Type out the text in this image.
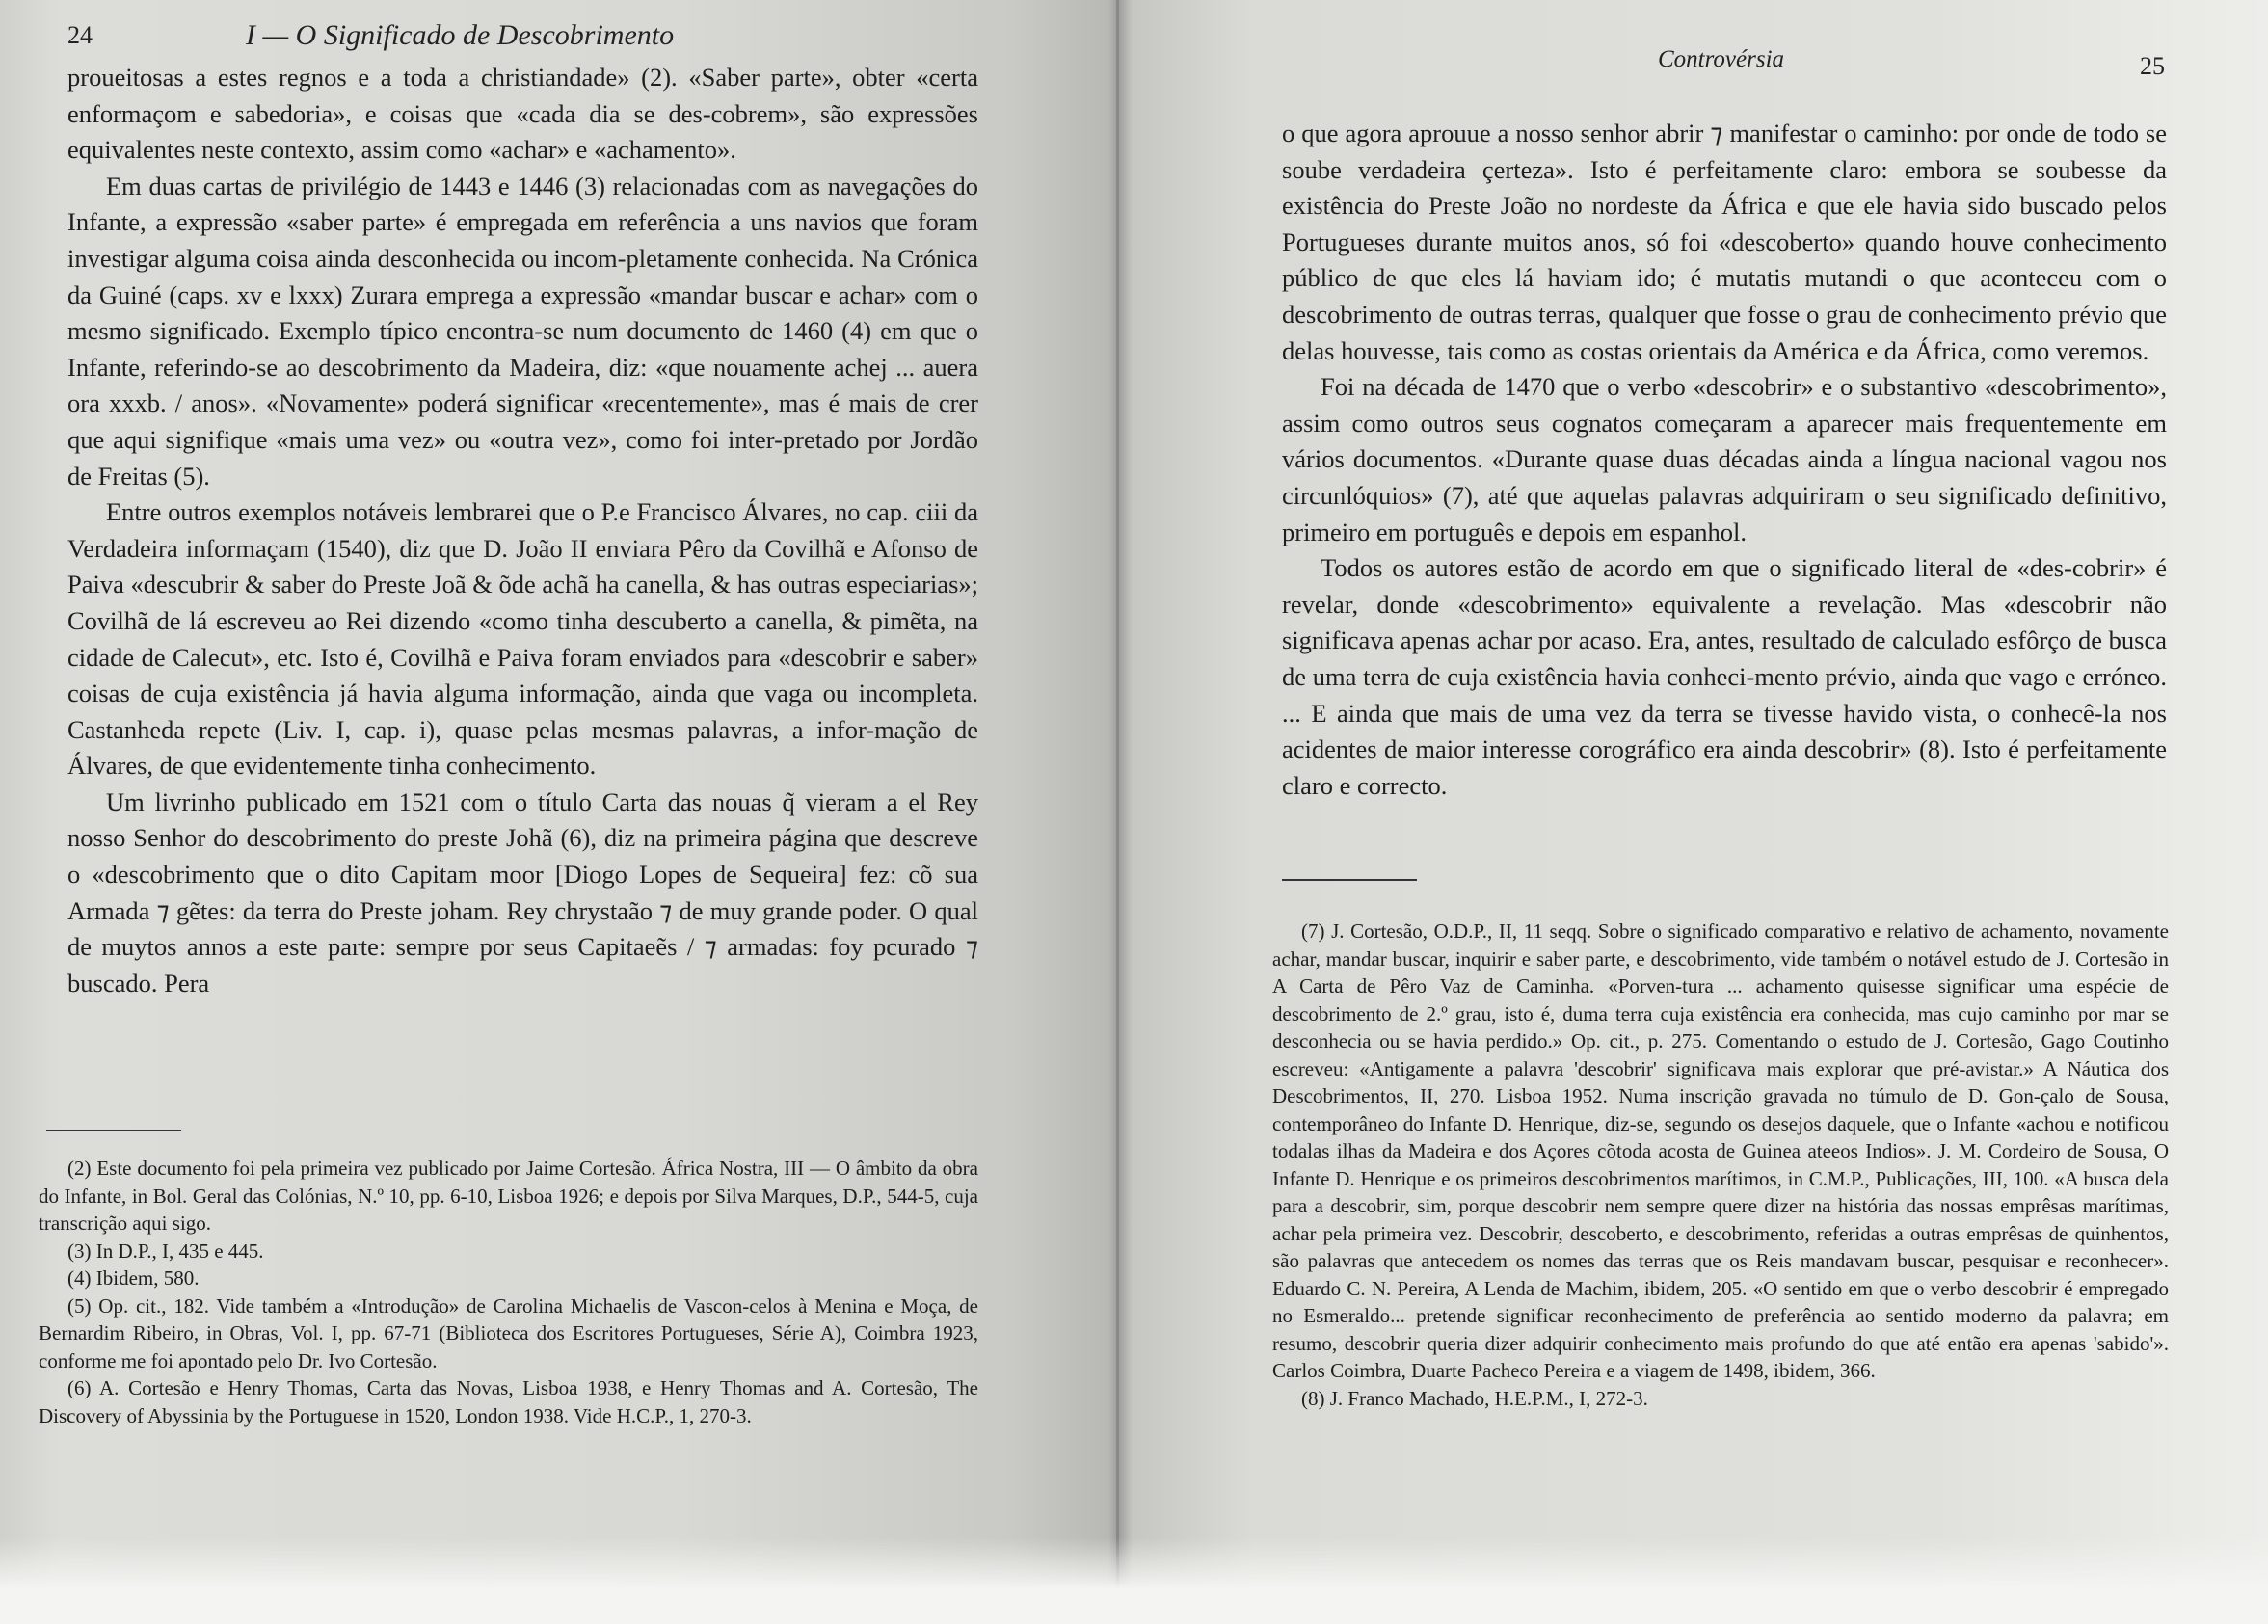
24	I — O Significado de Descobrimento

proueitosas a estes regnos e a toda a christiandade» (2). «Saber parte», obter «certa enformaçom e sabedoria», e coisas que «cada dia se des-cobrem», são expressões equivalentes neste contexto, assim como «achar» e «achamento».

Em duas cartas de privilégio de 1443 e 1446 (3) relacionadas com as navegações do Infante, a expressão «saber parte» é empregada em referência a uns navios que foram investigar alguma coisa ainda desconhecida ou incom-pletamente conhecida. Na Crónica da Guiné (caps. xv e lxxx) Zurara emprega a expressão «mandar buscar e achar» com o mesmo significado. Exemplo típico encontra-se num documento de 1460 (4) em que o Infante, referindo-se ao descobrimento da Madeira, diz: «que nouamente achej ... auera ora xxxb. / anos». «Novamente» poderá significar «recentemente», mas é mais de crer que aqui signifique «mais uma vez» ou «outra vez», como foi inter-pretado por Jordão de Freitas (5).

Entre outros exemplos notáveis lembrarei que o P.e Francisco Álvares, no cap. ciii da Verdadeira informaçam (1540), diz que D. João II enviara Pêro da Covilhã e Afonso de Paiva «descubrir & saber do Preste Joã & õde achã ha canella, & has outras especiarias»; Covilhã de lá escreveu ao Rei dizendo «como tinha descuberto a canella, & pimẽta, na cidade de Calecut», etc. Isto é, Covilhã e Paiva foram enviados para «descobrir e saber» coisas de cuja existência já havia alguma informação, ainda que vaga ou incompleta. Castanheda repete (Liv. I, cap. i), quase pelas mesmas palavras, a infor-mação de Álvares, de que evidentemente tinha conhecimento.

Um livrinho publicado em 1521 com o título Carta das nouas q̃ vieram a el Rey nosso Senhor do descobrimento do preste Johã (6), diz na primeira página que descreve o «descobrimento que o dito Capitam moor [Diogo Lopes de Sequeira] fez: cõ sua Armada ⁊ gẽtes: da terra do Preste joham. Rey chrystaão ⁊ de muy grande poder. O qual de muytos annos a este parte: sempre por seus Capitaeẽs / ⁊ armadas: foy pcurado ⁊ buscado. Pera

(2) Este documento foi pela primeira vez publicado por Jaime Cortesão. África Nostra, III — O âmbito da obra do Infante, in Bol. Geral das Colónias, N.º 10, pp. 6-10, Lisboa 1926; e depois por Silva Marques, D.P., 544-5, cuja transcrição aqui sigo.

(3) In D.P., I, 435 e 445.

(4) Ibidem, 580.

(5) Op. cit., 182. Vide também a «Introdução» de Carolina Michaelis de Vascon-celos à Menina e Moça, de Bernardim Ribeiro, in Obras, Vol. I, pp. 67-71 (Biblioteca dos Escritores Portugueses, Série A), Coimbra 1923, conforme me foi apontado pelo Dr. Ivo Cortesão.

(6) A. Cortesão e Henry Thomas, Carta das Novas, Lisboa 1938, e Henry Thomas and A. Cortesão, The Discovery of Abyssinia by the Portuguese in 1520, London 1938. Vide H.C.P., 1, 270-3.

Controvérsia	25

o que agora aprouue a nosso senhor abrir ⁊ manifestar o caminho: por onde de todo se soube verdadeira çerteza». Isto é perfeitamente claro: embora se soubesse da existência do Preste João no nordeste da África e que ele havia sido buscado pelos Portugueses durante muitos anos, só foi «descoberto» quando houve conhecimento público de que eles lá haviam ido; é mutatis mutandi o que aconteceu com o descobrimento de outras terras, qualquer que fosse o grau de conhecimento prévio que delas houvesse, tais como as costas orientais da América e da África, como veremos.

Foi na década de 1470 que o verbo «descobrir» e o substantivo «descobrimento», assim como outros seus cognatos começaram a aparecer mais frequentemente em vários documentos. «Durante quase duas décadas ainda a língua nacional vagou nos circunlóquios» (7), até que aquelas palavras adquiriram o seu significado definitivo, primeiro em português e depois em espanhol.

Todos os autores estão de acordo em que o significado literal de «des-cobrir» é revelar, donde «descobrimento» equivalente a revelação. Mas «descobrir não significava apenas achar por acaso. Era, antes, resultado de calculado esfôrço de busca de uma terra de cuja existência havia conheci-mento prévio, ainda que vago e erróneo. ... E ainda que mais de uma vez da terra se tivesse havido vista, o conhecê-la nos acidentes de maior interesse corográfico era ainda descobrir» (8). Isto é perfeitamente claro e correcto.

(7) J. Cortesão, O.D.P., II, 11 seqq. Sobre o significado comparativo e relativo de achamento, novamente achar, mandar buscar, inquirir e saber parte, e descobrimento, vide também o notável estudo de J. Cortesão in A Carta de Pêro Vaz de Caminha. «Porven-tura ... achamento quisesse significar uma espécie de descobrimento de 2.º grau, isto é, duma terra cuja existência era conhecida, mas cujo caminho por mar se desconhecia ou se havia perdido.» Op. cit., p. 275. Comentando o estudo de J. Cortesão, Gago Coutinho escreveu: «Antigamente a palavra 'descobrir' significava mais explorar que pré-avistar.» A Náutica dos Descobrimentos, II, 270. Lisboa 1952. Numa inscrição gravada no túmulo de D. Gon-çalo de Sousa, contemporâneo do Infante D. Henrique, diz-se, segundo os desejos daquele, que o Infante «achou e notificou todalas ilhas da Madeira e dos Açores cõtoda acosta de Guinea ateeos Indios». J. M. Cordeiro de Sousa, O Infante D. Henrique e os primeiros descobrimentos marítimos, in C.M.P., Publicações, III, 100. «A busca dela para a descobrir, sim, porque descobrir nem sempre quere dizer na história das nossas emprêsas marítimas, achar pela primeira vez. Descobrir, descoberto, e descobrimento, referidas a outras emprêsas de quinhentos, são palavras que antecedem os nomes das terras que os Reis mandavam buscar, pesquisar e reconhecer». Eduardo C. N. Pereira, A Lenda de Machim, ibidem, 205. «O sentido em que o verbo descobrir é empregado no Esmeraldo... pretende significar reconhecimento de preferência ao sentido moderno da palavra; em resumo, descobrir queria dizer adquirir conhecimento mais profundo do que até então era apenas 'sabido'». Carlos Coimbra, Duarte Pacheco Pereira e a viagem de 1498, ibidem, 366.

(8) J. Franco Machado, H.E.P.M., I, 272-3.
